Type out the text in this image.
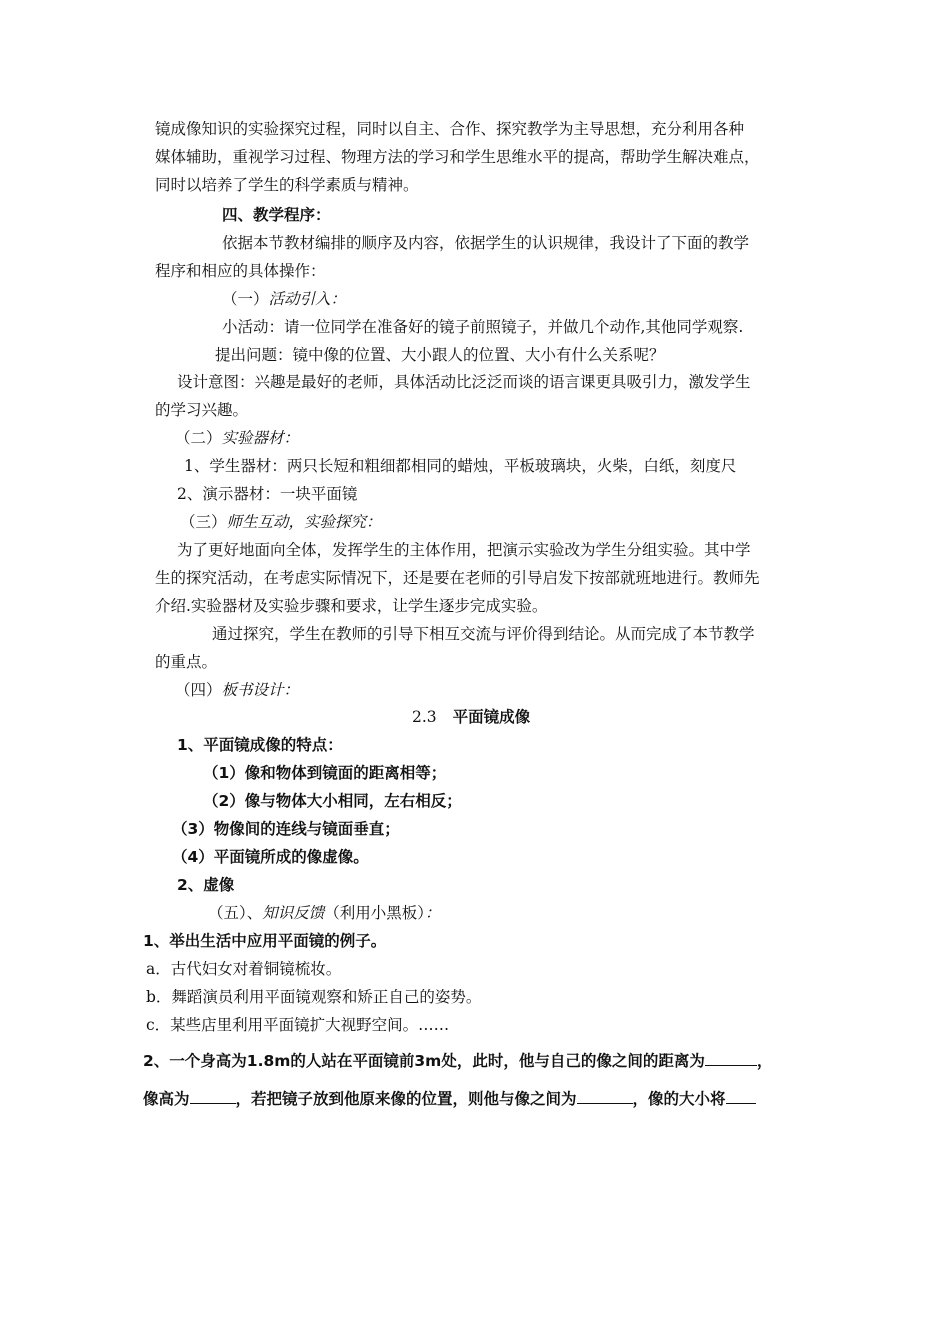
镜成像知识的实验探究过程，同时以自主、合作、探究教学为主导思想，充分利用各种
媒体辅助，重视学习过程、物理方法的学习和学生思维水平的提高，帮助学生解决难点，
同时以培养了学生的科学素质与精神。
四、教学程序：
依据本节教材编排的顺序及内容，依据学生的认识规律，我设计了下面的教学
程序和相应的具体操作：
（一）活动引入：
小活动：请一位同学在准备好的镜子前照镜子，并做几个动作,其他同学观察.
提出问题：镜中像的位置、大小跟人的位置、大小有什么关系呢？
设计意图：兴趣是最好的老师，具体活动比泛泛而谈的语言课更具吸引力，激发学生
的学习兴趣。
（二）实验器材：
1、学生器材：两只长短和粗细都相同的蜡烛，平板玻璃块，火柴，白纸，刻度尺
2、演示器材：一块平面镜
（三）师生互动，实验探究：
为了更好地面向全体，发挥学生的主体作用，把演示实验改为学生分组实验。其中学
生的探究活动，在考虑实际情况下，还是要在老师的引导启发下按部就班地进行。教师先
介绍.实验器材及实验步骤和要求，让学生逐步完成实验。
通过探究，学生在教师的引导下相互交流与评价得到结论。从而完成了本节教学
的重点。
（四）板书设计：
2.3 平面镜成像
1、平面镜成像的特点：
（1）像和物体到镜面的距离相等；
（2）像与物体大小相同，左右相反；
（3）物像间的连线与镜面垂直；
（4）平面镜所成的像虚像。
2、虚像
（五）、知识反馈（利用小黑板）：
1、举出生活中应用平面镜的例子。
a．古代妇女对着铜镜梳妆。
b．舞蹈演员利用平面镜观察和矫正自己的姿势。
c．某些店里利用平面镜扩大视野空间。……
2、一个身高为1.8m的人站在平面镜前3m处，此时，他与自己的像之间的距离为	，
像高为	，若把镜子放到他原来像的位置，则他与像之间为	，像的大小将
